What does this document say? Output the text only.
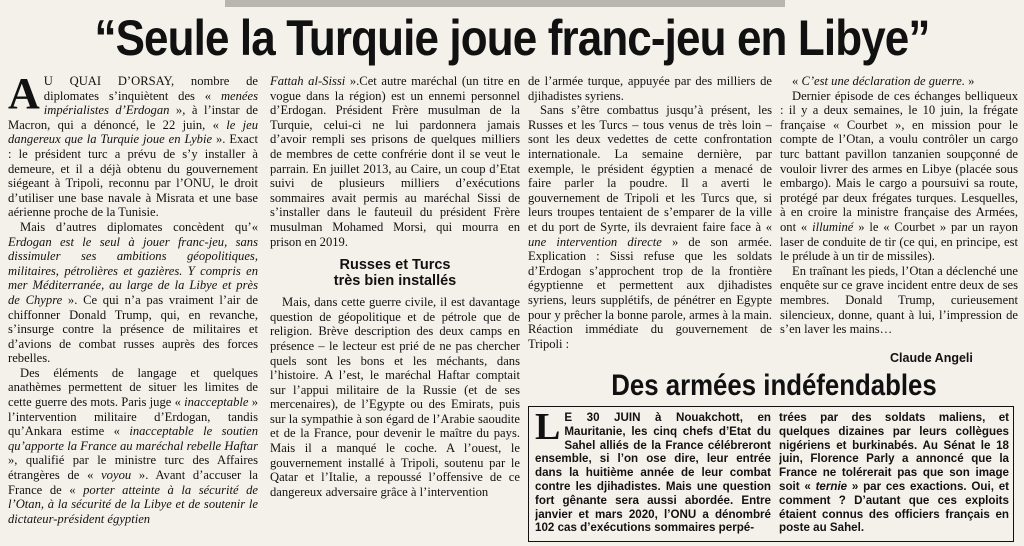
“Seule la Turquie joue franc-jeu en Libye”

A U QUAI D’ORSAY, nombre de diplomates s’inquiètent des « menées impérialistes d’Erdogan », à l’instar de Macron, qui a dénoncé, le 22 juin, « le jeu dangereux que la Turquie joue en Lybie ». Exact : le président turc a prévu de s’y installer à demeure, et il a déjà obtenu du gouvernement siégeant à Tripoli, reconnu par l’ONU, le droit d’utiliser une base navale à Misrata et une base aérienne proche de la Tunisie.

Mais d’autres diplomates concèdent qu’« Erdogan est le seul à jouer franc-jeu, sans dissimuler ses ambitions géopolitiques, militaires, pétrolières et gazières. Y compris en mer Méditerranée, au large de la Libye et près de Chypre ». Ce qui n’a pas vraiment l’air de chiffonner Donald Trump, qui, en revanche, s’insurge contre la présence de militaires et d’avions de combat russes auprès des forces rebelles.

Des éléments de langage et quelques anathèmes permettent de situer les limites de cette guerre des mots. Paris juge « inacceptable » l’intervention militaire d’Erdogan, tandis qu’Ankara estime « inacceptable le soutien qu’apporte la France au maréchal rebelle Haftar », qualifié par le ministre turc des Affaires étrangères de « voyou ». Avant d’accuser la France de « porter atteinte à la sécurité de l’Otan, à la sécurité de la Libye et de soutenir le dictateur-président égyptien

Fattah al-Sissi ».Cet autre maréchal (un titre en vogue dans la région) est un ennemi personnel d’Erdogan. Président Frère musulman de la Turquie, celui-ci ne lui pardonnera jamais d’avoir rempli ses prisons de quelques milliers de membres de cette confrérie dont il se veut le parrain. En juillet 2013, au Caire, un coup d’Etat suivi de plusieurs milliers d’exécutions sommaires avait permis au maréchal Sissi de s’installer dans le fauteuil du président Frère musulman Mohamed Morsi, qui mourra en prison en 2019.

Russes et Turcs
très bien installés

Mais, dans cette guerre civile, il est davantage question de géopolitique et de pétrole que de religion. Brève description des deux camps en présence – le lecteur est prié de ne pas chercher quels sont les bons et les méchants, dans l’histoire. A l’est, le maréchal Haftar comptait sur l’appui militaire de la Russie (et de ses mercenaires), de l’Egypte ou des Emirats, puis sur la sympathie à son égard de l’Arabie saoudite et de la France, pour devenir le maître du pays. Mais il a manqué le coche. A l’ouest, le gouvernement installé à Tripoli, soutenu par le Qatar et l’Italie, a repoussé l’offensive de ce dangereux adversaire grâce à l’intervention

de l’armée turque, appuyée par des milliers de djihadistes syriens.

Sans s’être combattus jusqu’à présent, les Russes et les Turcs – tous venus de très loin – sont les deux vedettes de cette confrontation internationale. La semaine dernière, par exemple, le président égyptien a menacé de faire parler la poudre. Il a averti le gouvernement de Tripoli et les Turcs que, si leurs troupes tentaient de s’emparer de la ville et du port de Syrte, ils devraient faire face à « une intervention directe » de son armée. Explication : Sissi refuse que les soldats d’Erdogan s’approchent trop de la frontière égyptienne et permettent aux djihadistes syriens, leurs supplétifs, de pénétrer en Egypte pour y prêcher la bonne parole, armes à la main. Réaction immédiate du gouvernement de Tripoli :

« C’est une déclaration de guerre. »

Dernier épisode de ces échanges belliqueux : il y a deux semaines, le 10 juin, la frégate française « Courbet », en mission pour le compte de l’Otan, a voulu contrôler un cargo turc battant pavillon tanzanien soupçonné de vouloir livrer des armes en Libye (placée sous embargo). Mais le cargo a poursuivi sa route, protégé par deux frégates turques. Lesquelles, à en croire la ministre française des Armées, ont « illuminé » le « Courbet » par un rayon laser de conduite de tir (ce qui, en principe, est le prélude à un tir de missiles).

En traînant les pieds, l’Otan a déclenché une enquête sur ce grave incident entre deux de ses membres. Donald Trump, curieusement silencieux, donne, quant à lui, l’impression de s’en laver les mains…

Claude Angeli
Des armées indéfendables
L E 30 JUIN à Nouakchott, en Mauritanie, les cinq chefs d’Etat du Sahel alliés de la France célébreront ensemble, si l’on ose dire, leur entrée dans la huitième année de leur combat contre les djihadistes. Mais une question fort gênante sera aussi abordée. Entre janvier et mars 2020, l’ONU a dénombré 102 cas d’exécutions sommaires perpé-
trées par des soldats maliens, et quelques dizaines par leurs collègues nigériens et burkinabés. Au Sénat le 18 juin, Florence Parly a annoncé que la France ne tolérerait pas que son image soit « ternie » par ces exactions. Oui, et comment ? D’autant que ces exploits étaient connus des officiers français en poste au Sahel.
